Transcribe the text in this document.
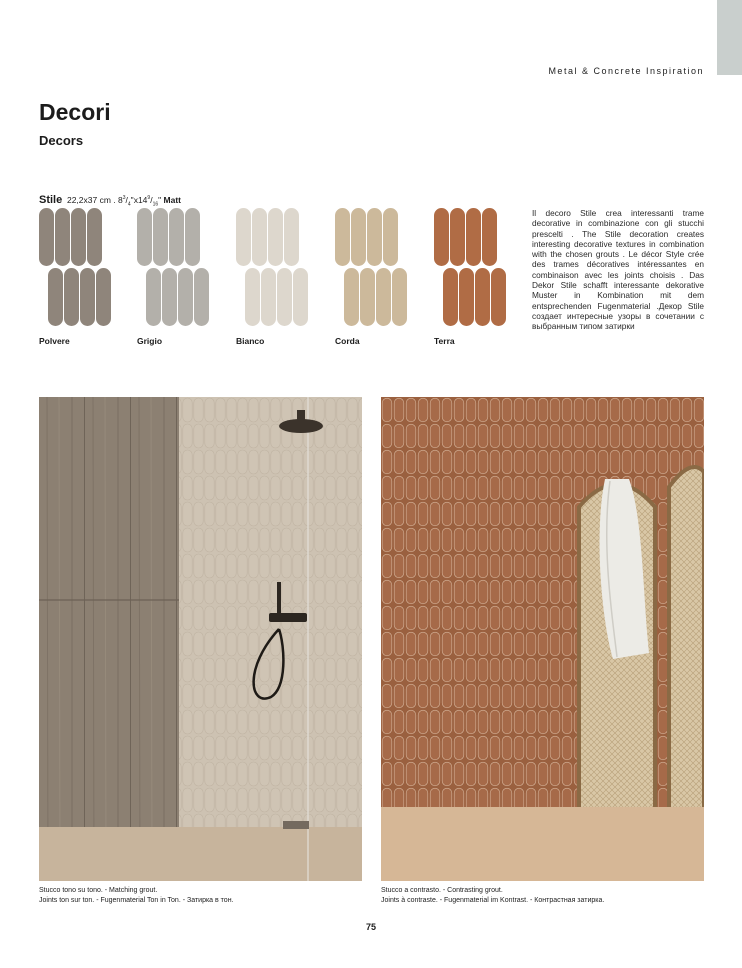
Metal & Concrete Inspiration
Decori
Decors
Stile 22,2x37 cm . $8^3/_4"x14^9/_{16}$" Matt
Polvere	Grigio	Bianco	Corda	Terra

Il decoro Stile crea interessanti trame decorative in combinazione con gli stucchi prescelti . The Stile decoration creates interesting decorative textures in combination with the chosen grouts . Le décor Style crée des trames décoratives intéressantes en combinaison avec les joints choisis . Das Dekor Stile schafft interessante dekorative Muster in Kombination mit dem entsprechenden Fugenmaterial .Декор Stile создает интересные узоры в сочетании с выбранным типом затирки

Stucco tono su tono. - Matching grout.
Joints ton sur ton. - Fugenmaterial Ton in Ton. - Затирка в тон.

Stucco a contrasto. - Contrasting grout.
Joints à contraste. - Fugenmaterial im Kontrast. - Контрастная затирка.

75
